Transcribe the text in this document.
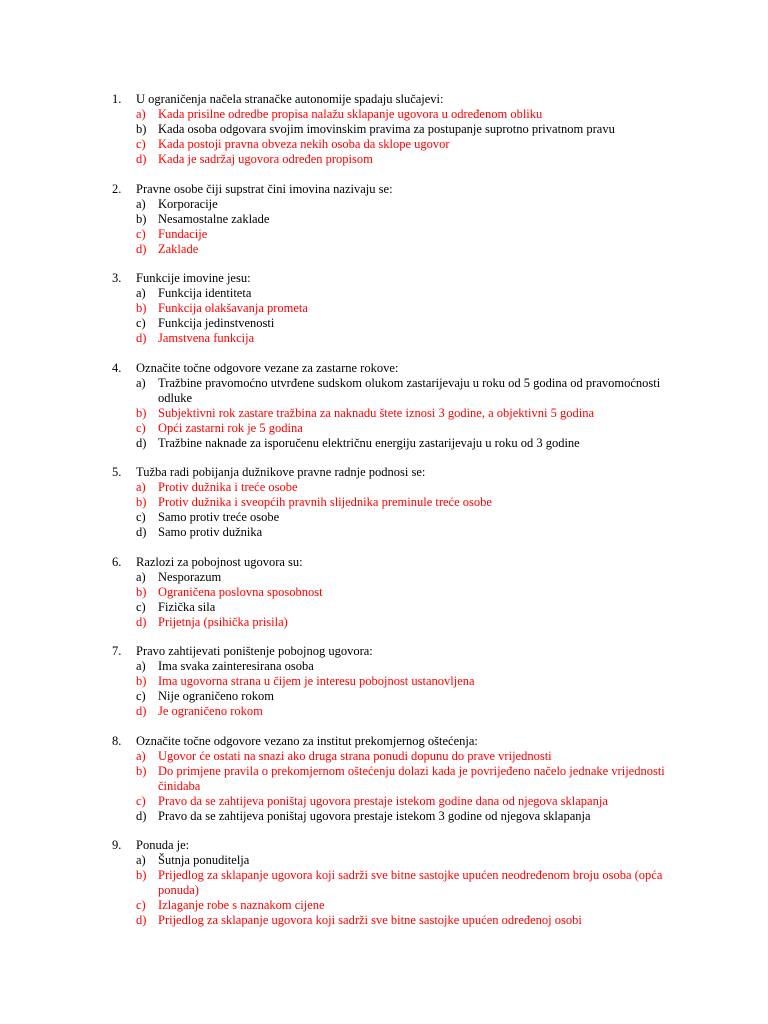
1. U ograničenja načela stranačke autonomije spadaju slučajevi:
a) Kada prisilne odredbe propisa nalažu sklapanje ugovora u određenom obliku
b) Kada osoba odgovara svojim imovinskim pravima za postupanje suprotno privatnom pravu
c) Kada postoji pravna obveza nekih osoba da sklope ugovor
d) Kada je sadržaj ugovora određen propisom
2. Pravne osobe čiji supstrat čini imovina nazivaju se:
a) Korporacije
b) Nesamostalne zaklade
c) Fundacije
d) Zaklade
3. Funkcije imovine jesu:
a) Funkcija identiteta
b) Funkcija olakšavanja prometa
c) Funkcija jedinstvenosti
d) Jamstvena funkcija
4. Označite točne odgovore vezane za zastarne rokove:
a) Tražbine pravomoćno utvrđene sudskom olukom zastarijevaju u roku od 5 godina od pravomoćnosti odluke
b) Subjektivni rok zastare tražbina za naknadu štete iznosi 3 godine, a objektivni 5 godina
c) Opći zastarni rok je 5 godina
d) Tražbine naknade za isporučenu električnu energiju zastarijevaju u roku od 3 godine
5. Tužba radi pobijanja dužnikove pravne radnje podnosi se:
a) Protiv dužnika i treće osobe
b) Protiv dužnika i sveopćih pravnih slijednika preminule treće osobe
c) Samo protiv treće osobe
d) Samo protiv dužnika
6. Razlozi za pobojnost ugovora su:
a) Nesporazum
b) Ograničena poslovna sposobnost
c) Fizička sila
d) Prijetnja (psihička prisila)
7. Pravo zahtijevati poništenje pobojnog ugovora:
a) Ima svaka zainteresirana osoba
b) Ima ugovorna strana u čijem je interesu pobojnost ustanovljena
c) Nije ograničeno rokom
d) Je ograničeno rokom
8. Označite točne odgovore vezano za institut prekomjernog oštećenja:
a) Ugovor će ostati na snazi ako druga strana ponudi dopunu do prave vrijednosti
b) Do primjene pravila o prekomjernom oštećenju dolazi kada je povrijeđeno načelo jednake vrijednosti činidaba
c) Pravo da se zahtijeva poništaj ugovora prestaje istekom godine dana od njegova sklapanja
d) Pravo da se zahtijeva poništaj ugovora prestaje istekom 3 godine od njegova sklapanja
9. Ponuda je:
a) Šutnja ponuditelja
b) Prijedlog za sklapanje ugovora koji sadrži sve bitne sastojke upućen neodređenom broju osoba (opća ponuda)
c) Izlaganje robe s naznakom cijene
d) Prijedlog za sklapanje ugovora koji sadrži sve bitne sastojke upućen određenoj osobi
